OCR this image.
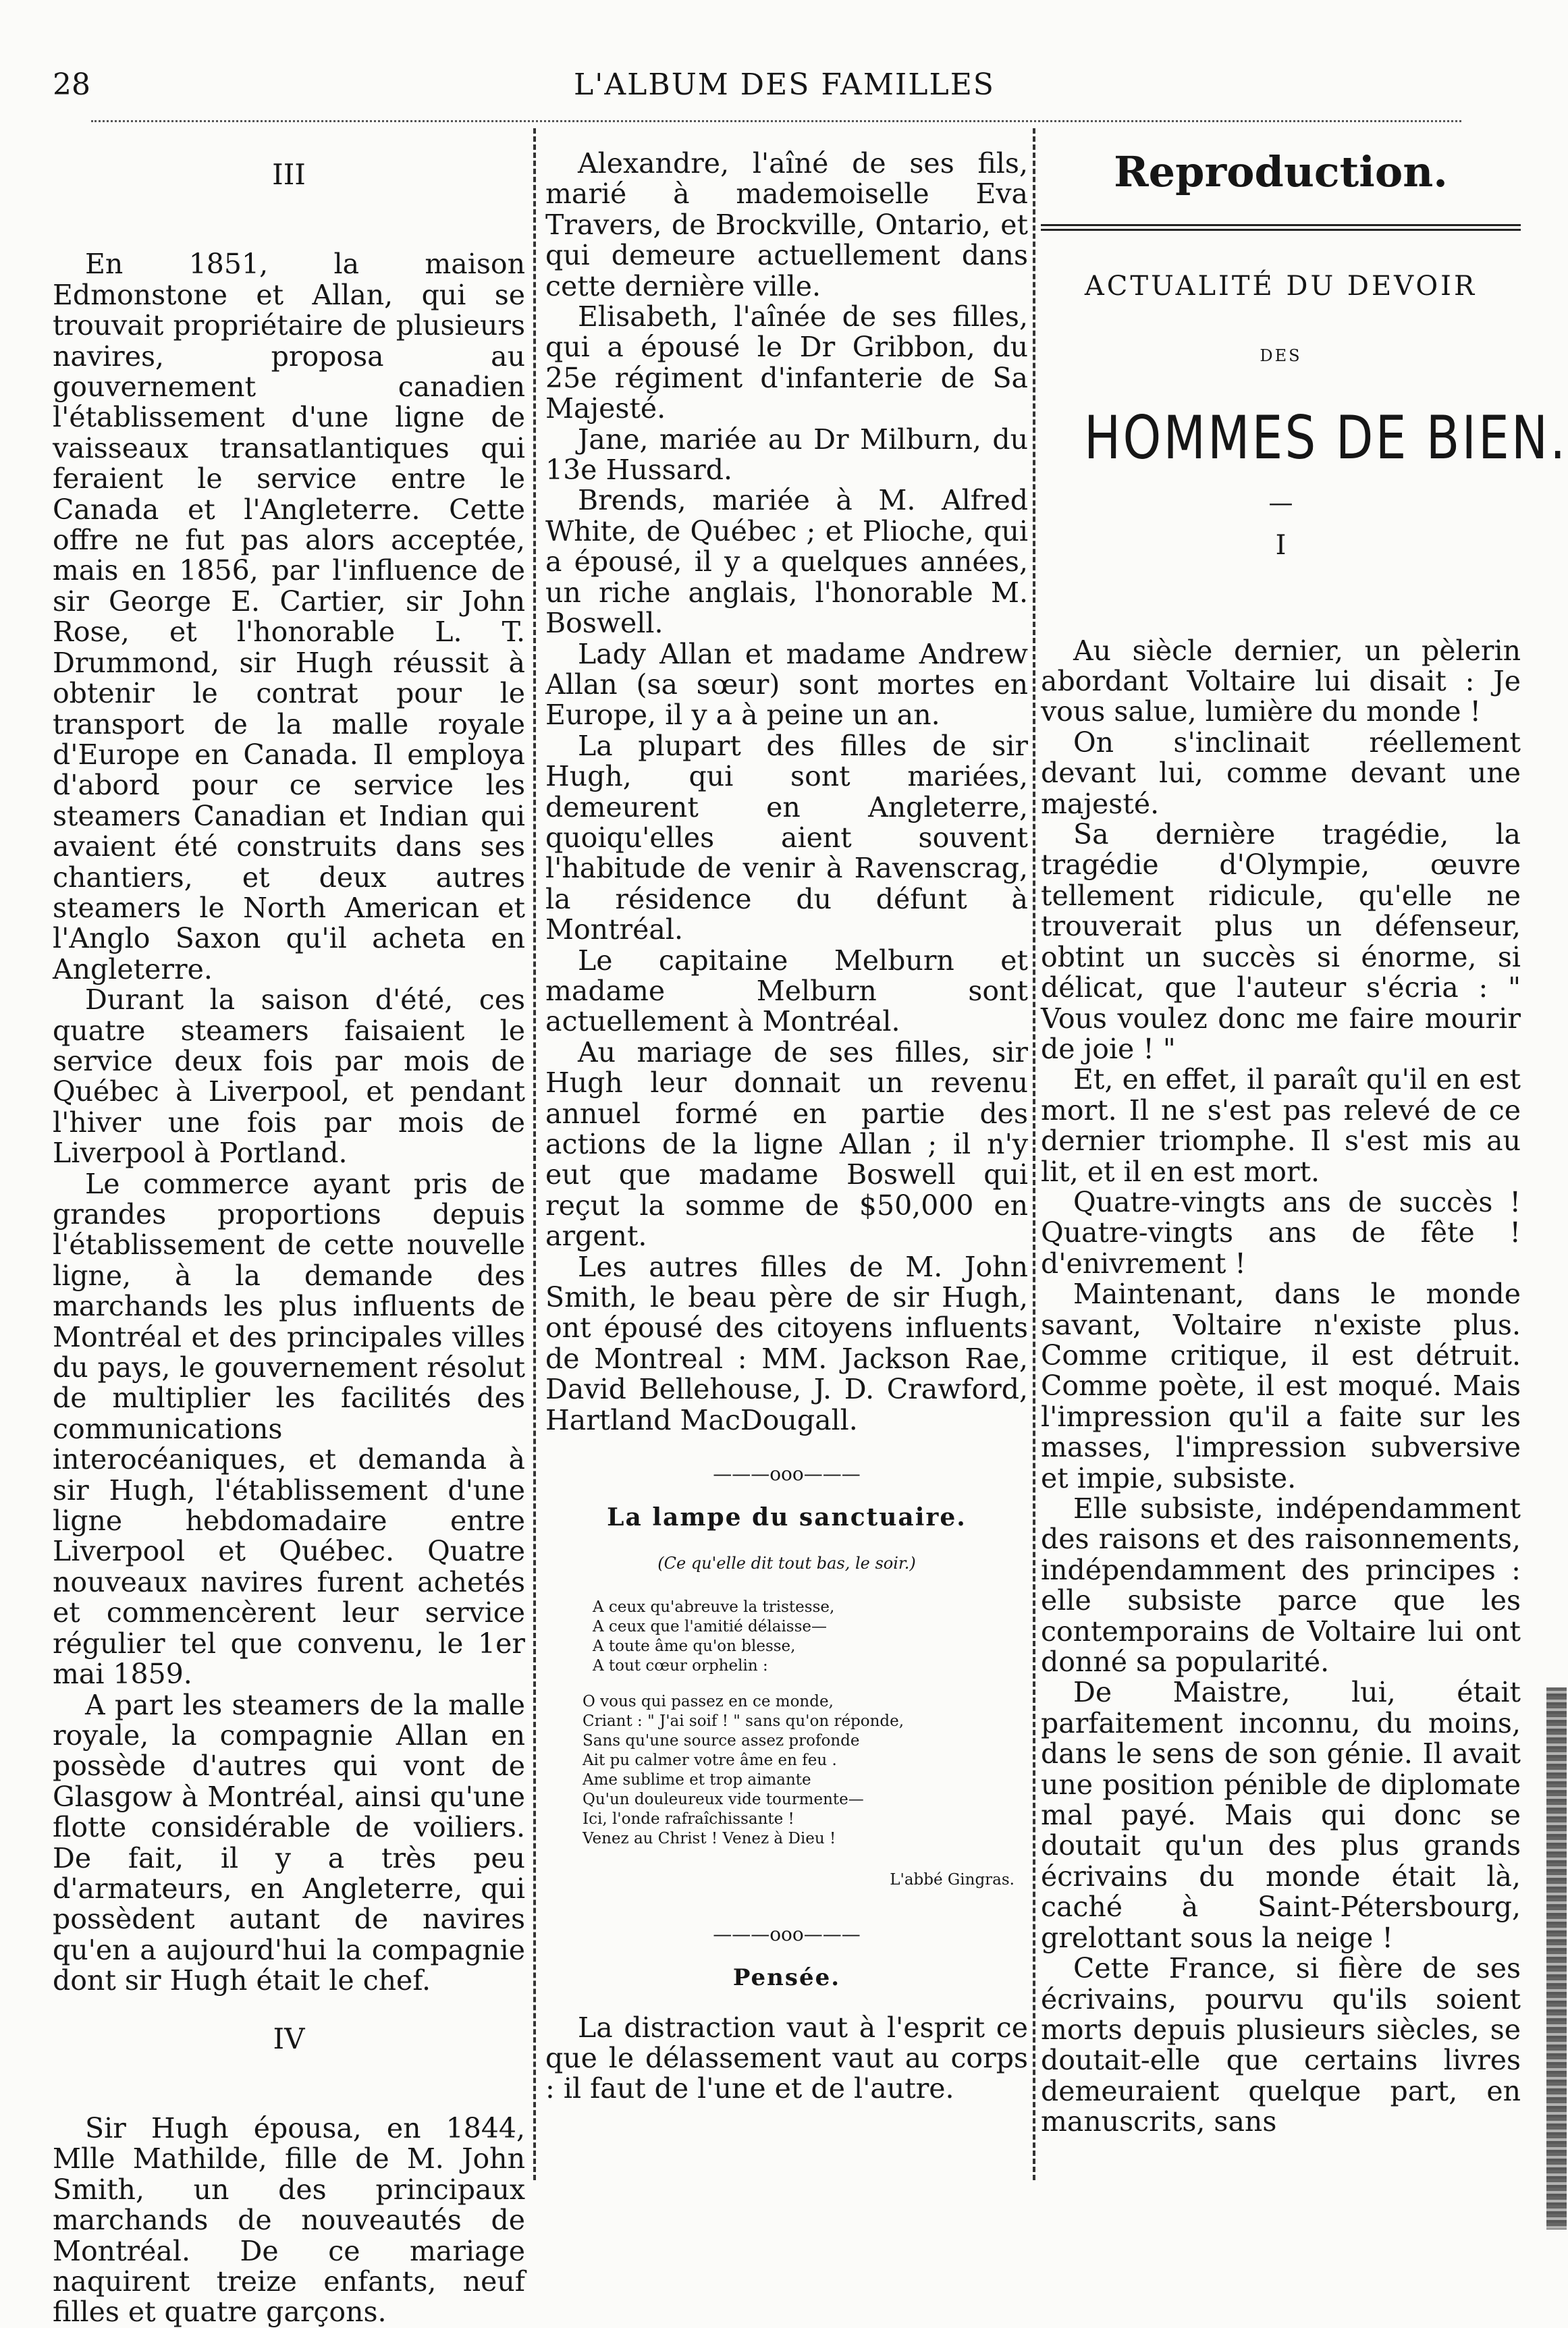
28	L'ALBUM DES FAMILLES

III

En 1851, la maison Edmonstone et Allan, qui se trouvait propriétaire de plusieurs navires, proposa au gouvernement canadien l'établissement d'une ligne de vaisseaux transatlantiques qui feraient le service entre le Canada et l'Angleterre. Cette offre ne fut pas alors acceptée, mais en 1856, par l'influence de sir George E. Cartier, sir John Rose, et l'honorable L. T. Drummond, sir Hugh réussit à obtenir le contrat pour le transport de la malle royale d'Europe en Canada. Il employa d'abord pour ce service les steamers Canadian et Indian qui avaient été construits dans ses chantiers, et deux autres steamers le North American et l'Anglo Saxon qu'il acheta en Angleterre.

Durant la saison d'été, ces quatre steamers faisaient le service deux fois par mois de Québec à Liverpool, et pendant l'hiver une fois par mois de Liverpool à Portland.

Le commerce ayant pris de grandes proportions depuis l'établissement de cette nouvelle ligne, à la demande des marchands les plus influents de Montréal et des principales villes du pays, le gouvernement résolut de multiplier les facilités des communications interocéaniques, et demanda à sir Hugh, l'établissement d'une ligne hebdomadaire entre Liverpool et Québec. Quatre nouveaux navires furent achetés et commencèrent leur service régulier tel que convenu, le 1er mai 1859.

A part les steamers de la malle royale, la compagnie Allan en possède d'autres qui vont de Glasgow à Montréal, ainsi qu'une flotte considérable de voiliers. De fait, il y a très peu d'armateurs, en Angleterre, qui possèdent autant de navires qu'en a aujourd'hui la compagnie dont sir Hugh était le chef.

IV

Sir Hugh épousa, en 1844, Mlle Mathilde, fille de M. John Smith, un des principaux marchands de nouveautés de Montréal. De ce mariage naquirent treize enfants, neuf filles et quatre garçons.

Alexandre, l'aîné de ses fils, marié à mademoiselle Eva Travers, de Brockville, Ontario, et qui demeure actuellement dans cette dernière ville.

Elisabeth, l'aînée de ses filles, qui a épousé le Dr Gribbon, du 25e régiment d'infanterie de Sa Majesté.

Jane, mariée au Dr Milburn, du 13e Hussard.

Brends, mariée à M. Alfred White, de Québec ; et Plioche, qui a épousé, il y a quelques années, un riche anglais, l'honorable M. Boswell.

Lady Allan et madame Andrew Allan (sa sœur) sont mortes en Europe, il y a à peine un an.

La plupart des filles de sir Hugh, qui sont mariées, demeurent en Angleterre, quoiqu'elles aient souvent l'habitude de venir à Ravenscrag, la résidence du défunt à Montréal.

Le capitaine Melburn et madame Melburn sont actuellement à Montréal.

Au mariage de ses filles, sir Hugh leur donnait un revenu annuel formé en partie des actions de la ligne Allan ; il n'y eut que madame Boswell qui reçut la somme de $50,000 en argent.

Les autres filles de M. John Smith, le beau père de sir Hugh, ont épousé des citoyens influents de Montreal : MM. Jackson Rae, David Bellehouse, J. D. Crawford, Hartland MacDougall.

———ooo———

La lampe du sanctuaire.

(Ce qu'elle dit tout bas, le soir.)

A ceux qu'abreuve la tristesse,
A ceux que l'amitié délaisse—
A toute âme qu'on blesse,
A tout cœur orphelin :
O vous qui passez en ce monde,
Criant : " J'ai soif ! " sans qu'on réponde,
Sans qu'une source assez profonde
Ait pu calmer votre âme en feu .
Ame sublime et trop aimante
Qu'un douleureux vide tourmente—
Ici, l'onde rafraîchissante !
Venez au Christ ! Venez à Dieu !

L'abbé Gingras.

———ooo———

Pensée.

La distraction vaut à l'esprit ce que le délassement vaut au corps : il faut de l'une et de l'autre.

Reproduction.

ACTUALITÉ DU DEVOIR

DES

HOMMES DE BIEN.

—

I

Au siècle dernier, un pèlerin abordant Voltaire lui disait : Je vous salue, lumière du monde !

On s'inclinait réellement devant lui, comme devant une majesté.

Sa dernière tragédie, la tragédie d'Olympie, œuvre tellement ridicule, qu'elle ne trouverait plus un défenseur, obtint un succès si énorme, si délicat, que l'auteur s'écria : " Vous voulez donc me faire mourir de joie ! "

Et, en effet, il paraît qu'il en est mort. Il ne s'est pas relevé de ce dernier triomphe. Il s'est mis au lit, et il en est mort.

Quatre-vingts ans de succès ! Quatre-vingts ans de fête ! d'enivrement !

Maintenant, dans le monde savant, Voltaire n'existe plus. Comme critique, il est détruit. Comme poète, il est moqué. Mais l'impression qu'il a faite sur les masses, l'impression subversive et impie, subsiste.

Elle subsiste, indépendamment des raisons et des raisonnements, indépendamment des principes : elle subsiste parce que les contemporains de Voltaire lui ont donné sa popularité.

De Maistre, lui, était parfaitement inconnu, du moins, dans le sens de son génie. Il avait une position pénible de diplomate mal payé. Mais qui donc se doutait qu'un des plus grands écrivains du monde était là, caché à Saint-Pétersbourg, grelottant sous la neige !

Cette France, si fière de ses écrivains, pourvu qu'ils soient morts depuis plusieurs siècles, se doutait-elle que certains livres demeuraient quelque part, en manuscrits, sans
